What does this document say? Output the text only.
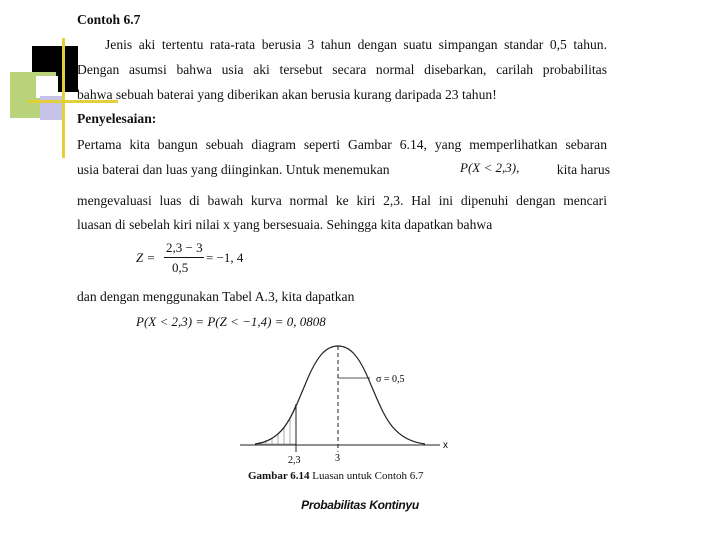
Contoh 6.7
Jenis aki tertentu rata-rata berusia 3 tahun dengan suatu simpangan standar 0,5 tahun.
Dengan asumsi bahwa usia aki tersebut secara normal disebarkan, carilah probabilitas
bahwa sebuah baterai yang diberikan akan berusia kurang daripada 23 tahun!
Penyelesaian:
Pertama kita bangun sebuah diagram seperti Gambar 6.14, yang memperlihatkan sebaran
usia baterai dan luas yang diinginkan. Untuk menemukan	P(X < 2,3),	kita harus
mengevaluasi luas di bawah kurva normal ke kiri 2,3. Hal ini dipenuhi dengan mencari
luasan di sebelah kiri nilai x yang bersesuaia. Sehingga kita dapatkan bahwa
Z =
2,3 − 3
0,5
= −1, 4
dan dengan menggunakan Tabel A.3, kita dapatkan
P(X < 2,3) = P(Z < −1,4) = 0, 0808
σ = 0,5
x
2,3	3
Gambar 6.14 Luasan untuk Contoh 6.7
Probabilitas Kontinyu
